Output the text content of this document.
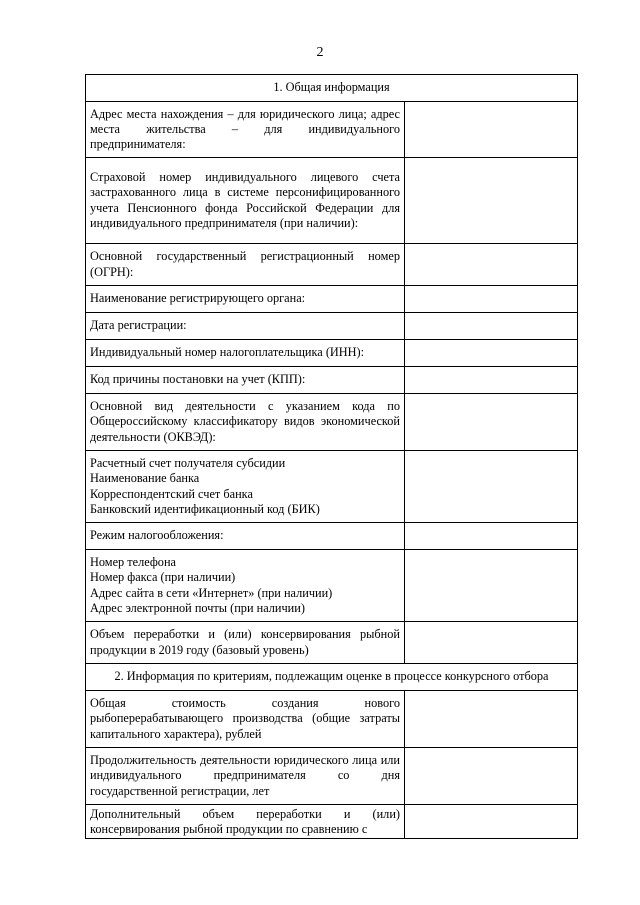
2
1. Общая информация	
Адрес места нахождения – для юридического лица; адрес места жительства – для индивидуального предпринимателя:	
Страховой номер индивидуального лицевого счета застрахованного лица в системе персонифицированного учета Пенсионного фонда Российской Федерации для индивидуального предпринимателя (при наличии):	
Основной государственный регистрационный номер (ОГРН):	
Наименование регистрирующего органа:	
Дата регистрации:	
Индивидуальный номер налогоплательщика (ИНН):	
Код причины постановки на учет (КПП):	
Основной вид деятельности с указанием кода по Общероссийскому классификатору видов экономической деятельности (ОКВЭД):	

Расчетный счет получателя субсидии
Наименование банка
Корреспондентский счет банка
Банковский идентификационный код (БИК)	

Режим налогообложения:	

Номер телефона
Номер факса (при наличии)
Адрес сайта в сети «Интернет» (при наличии)
Адрес электронной почты (при наличии)	

Объем переработки и (или) консервирования рыбной продукции в 2019 году (базовый уровень)	
2. Информация по критериям, подлежащим оценке в процессе конкурсного отбора	
Общая стоимость создания нового рыбоперерабатывающего производства (общие затраты капитального характера), рублей	
Продолжительность деятельности юридического лица или индивидуального предпринимателя со дня государственной регистрации, лет	
Дополнительный объем переработки и (или) консервирования рыбной продукции по сравнению с	
